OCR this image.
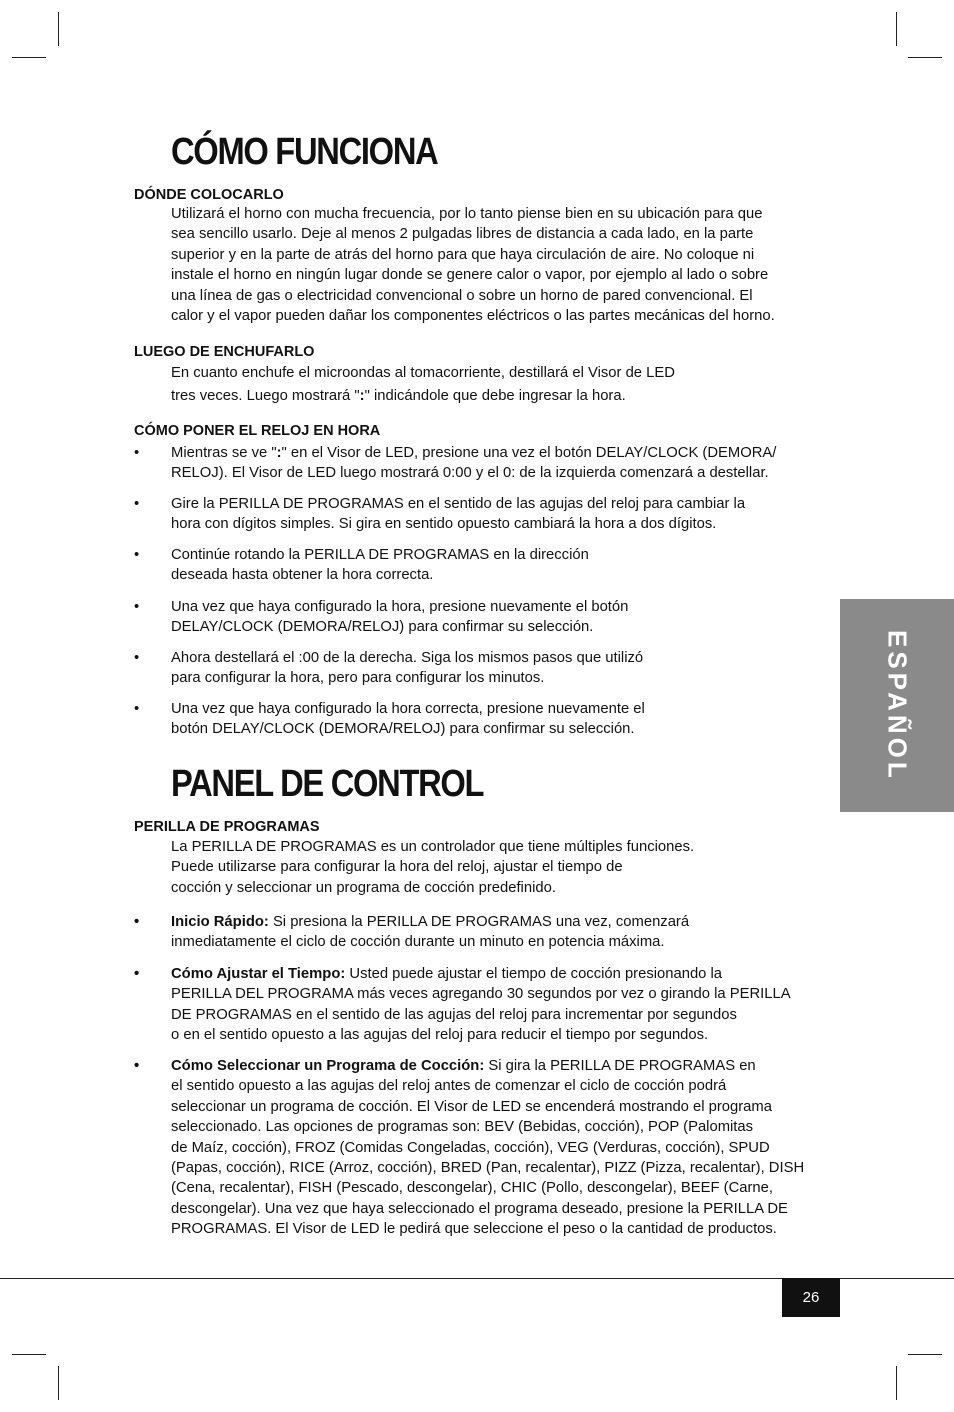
CÓMO FUNCIONA
DÓNDE COLOCARLO
Utilizará el horno con mucha frecuencia, por lo tanto piense bien en su ubicación para que
sea sencillo usarlo. Deje al menos 2 pulgadas libres de distancia a cada lado, en la parte
superior y en la parte de atrás del horno para que haya circulación de aire. No coloque ni
instale el horno en ningún lugar donde se genere calor o vapor, por ejemplo al lado o sobre
una línea de gas o electricidad convencional o sobre un horno de pared convencional. El
calor y el vapor pueden dañar los componentes eléctricos o las partes mecánicas del horno.
LUEGO DE ENCHUFARLO
En cuanto enchufe el microondas al tomacorriente, destillará el Visor de LED
tres veces. Luego mostrará ":" indicándole que debe ingresar la hora.
CÓMO PONER EL RELOJ EN HORA
•	Mientras se ve ":" en el Visor de LED, presione una vez el botón DELAY/CLOCK (DEMORA/
RELOJ). El Visor de LED luego mostrará 0:00 y el 0: de la izquierda comenzará a destellar.
•	Gire la PERILLA DE PROGRAMAS en el sentido de las agujas del reloj para cambiar la
hora con dígitos simples. Si gira en sentido opuesto cambiará la hora a dos dígitos.
•	Continúe rotando la PERILLA DE PROGRAMAS en la dirección
deseada hasta obtener la hora correcta.
•	Una vez que haya configurado la hora, presione nuevamente el botón
DELAY/CLOCK (DEMORA/RELOJ) para confirmar su selección.
•	Ahora destellará el :00 de la derecha. Siga los mismos pasos que utilizó
para configurar la hora, pero para configurar los minutos.
•	Una vez que haya configurado la hora correcta, presione nuevamente el
botón DELAY/CLOCK (DEMORA/RELOJ) para confirmar su selección.
PANEL DE CONTROL
PERILLA DE PROGRAMAS
La PERILLA DE PROGRAMAS es un controlador que tiene múltiples funciones.
Puede utilizarse para configurar la hora del reloj, ajustar el tiempo de
cocción y seleccionar un programa de cocción predefinido.
•	Inicio Rápido: Si presiona la PERILLA DE PROGRAMAS una vez, comenzará
inmediatamente el ciclo de cocción durante un minuto en potencia máxima.
•	Cómo Ajustar el Tiempo: Usted puede ajustar el tiempo de cocción presionando la
PERILLA DEL PROGRAMA más veces agregando 30 segundos por vez o girando la PERILLA
DE PROGRAMAS en el sentido de las agujas del reloj para incrementar por segundos
o en el sentido opuesto a las agujas del reloj para reducir el tiempo por segundos.
•	Cómo Seleccionar un Programa de Cocción: Si gira la PERILLA DE PROGRAMAS en
el sentido opuesto a las agujas del reloj antes de comenzar el ciclo de cocción podrá
seleccionar un programa de cocción. El Visor de LED se encenderá mostrando el programa
seleccionado. Las opciones de programas son: BEV (Bebidas, cocción), POP (Palomitas
de Maíz, cocción), FROZ (Comidas Congeladas, cocción), VEG (Verduras, cocción), SPUD
(Papas, cocción), RICE (Arroz, cocción), BRED (Pan, recalentar), PIZZ (Pizza, recalentar), DISH
(Cena, recalentar), FISH (Pescado, descongelar), CHIC (Pollo, descongelar), BEEF (Carne,
descongelar). Una vez que haya seleccionado el programa deseado, presione la PERILLA DE
PROGRAMAS. El Visor de LED le pedirá que seleccione el peso o la cantidad de productos.
ESPAÑOL
26
